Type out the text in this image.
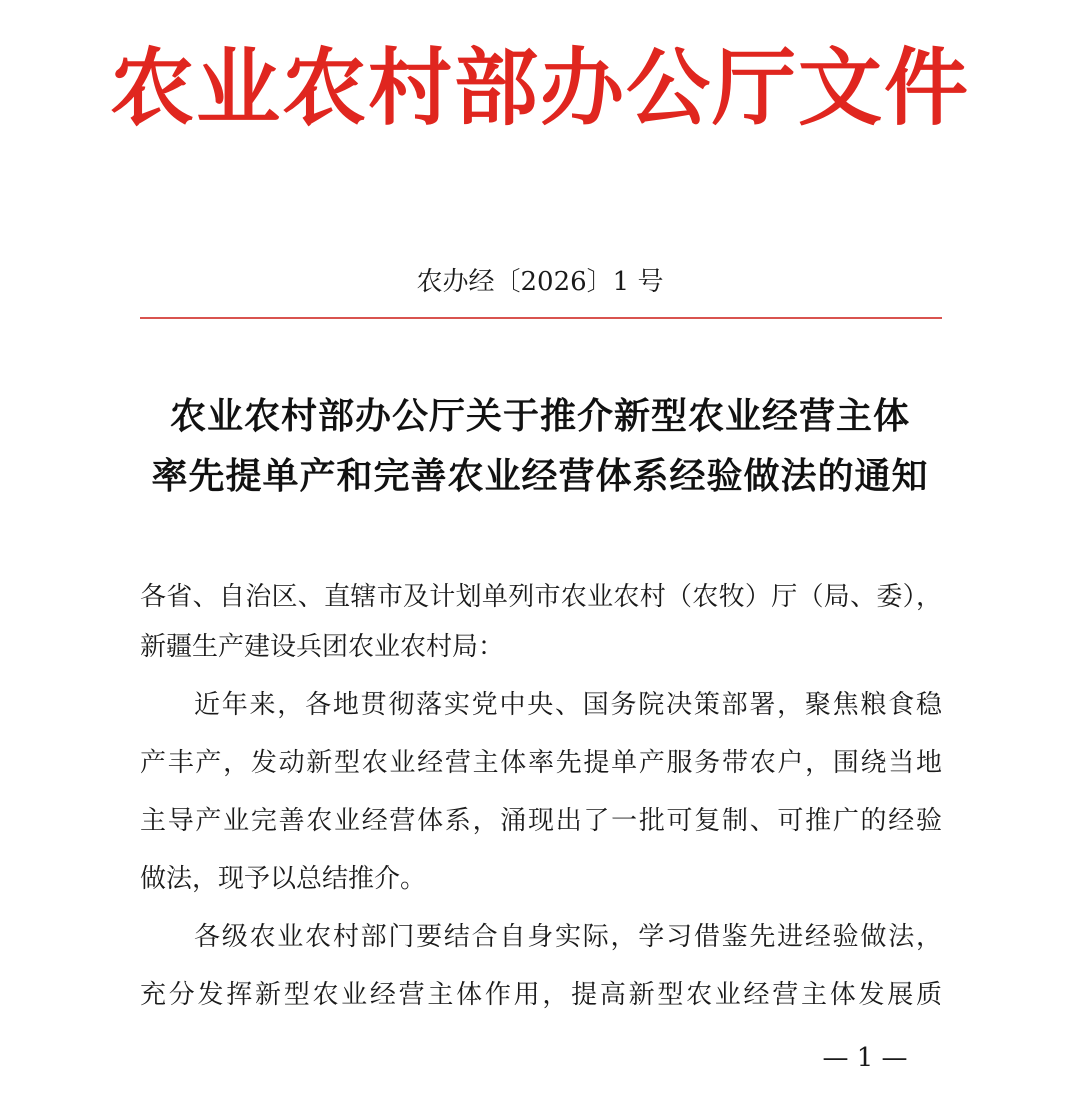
农业农村部办公厅文件
农办经〔2026〕1 号
农业农村部办公厅关于推介新型农业经营主体
率先提单产和完善农业经营体系经验做法的通知
各省、自治区、直辖市及计划单列市农业农村（农牧）厅（局、委），
新疆生产建设兵团农业农村局：
近年来，各地贯彻落实党中央、国务院决策部署，聚焦粮食稳
产丰产，发动新型农业经营主体率先提单产服务带农户，围绕当地
主导产业完善农业经营体系，涌现出了一批可复制、可推广的经验
做法，现予以总结推介。
各级农业农村部门要结合自身实际，学习借鉴先进经验做法，
充分发挥新型农业经营主体作用，提高新型农业经营主体发展质
— 1 —
